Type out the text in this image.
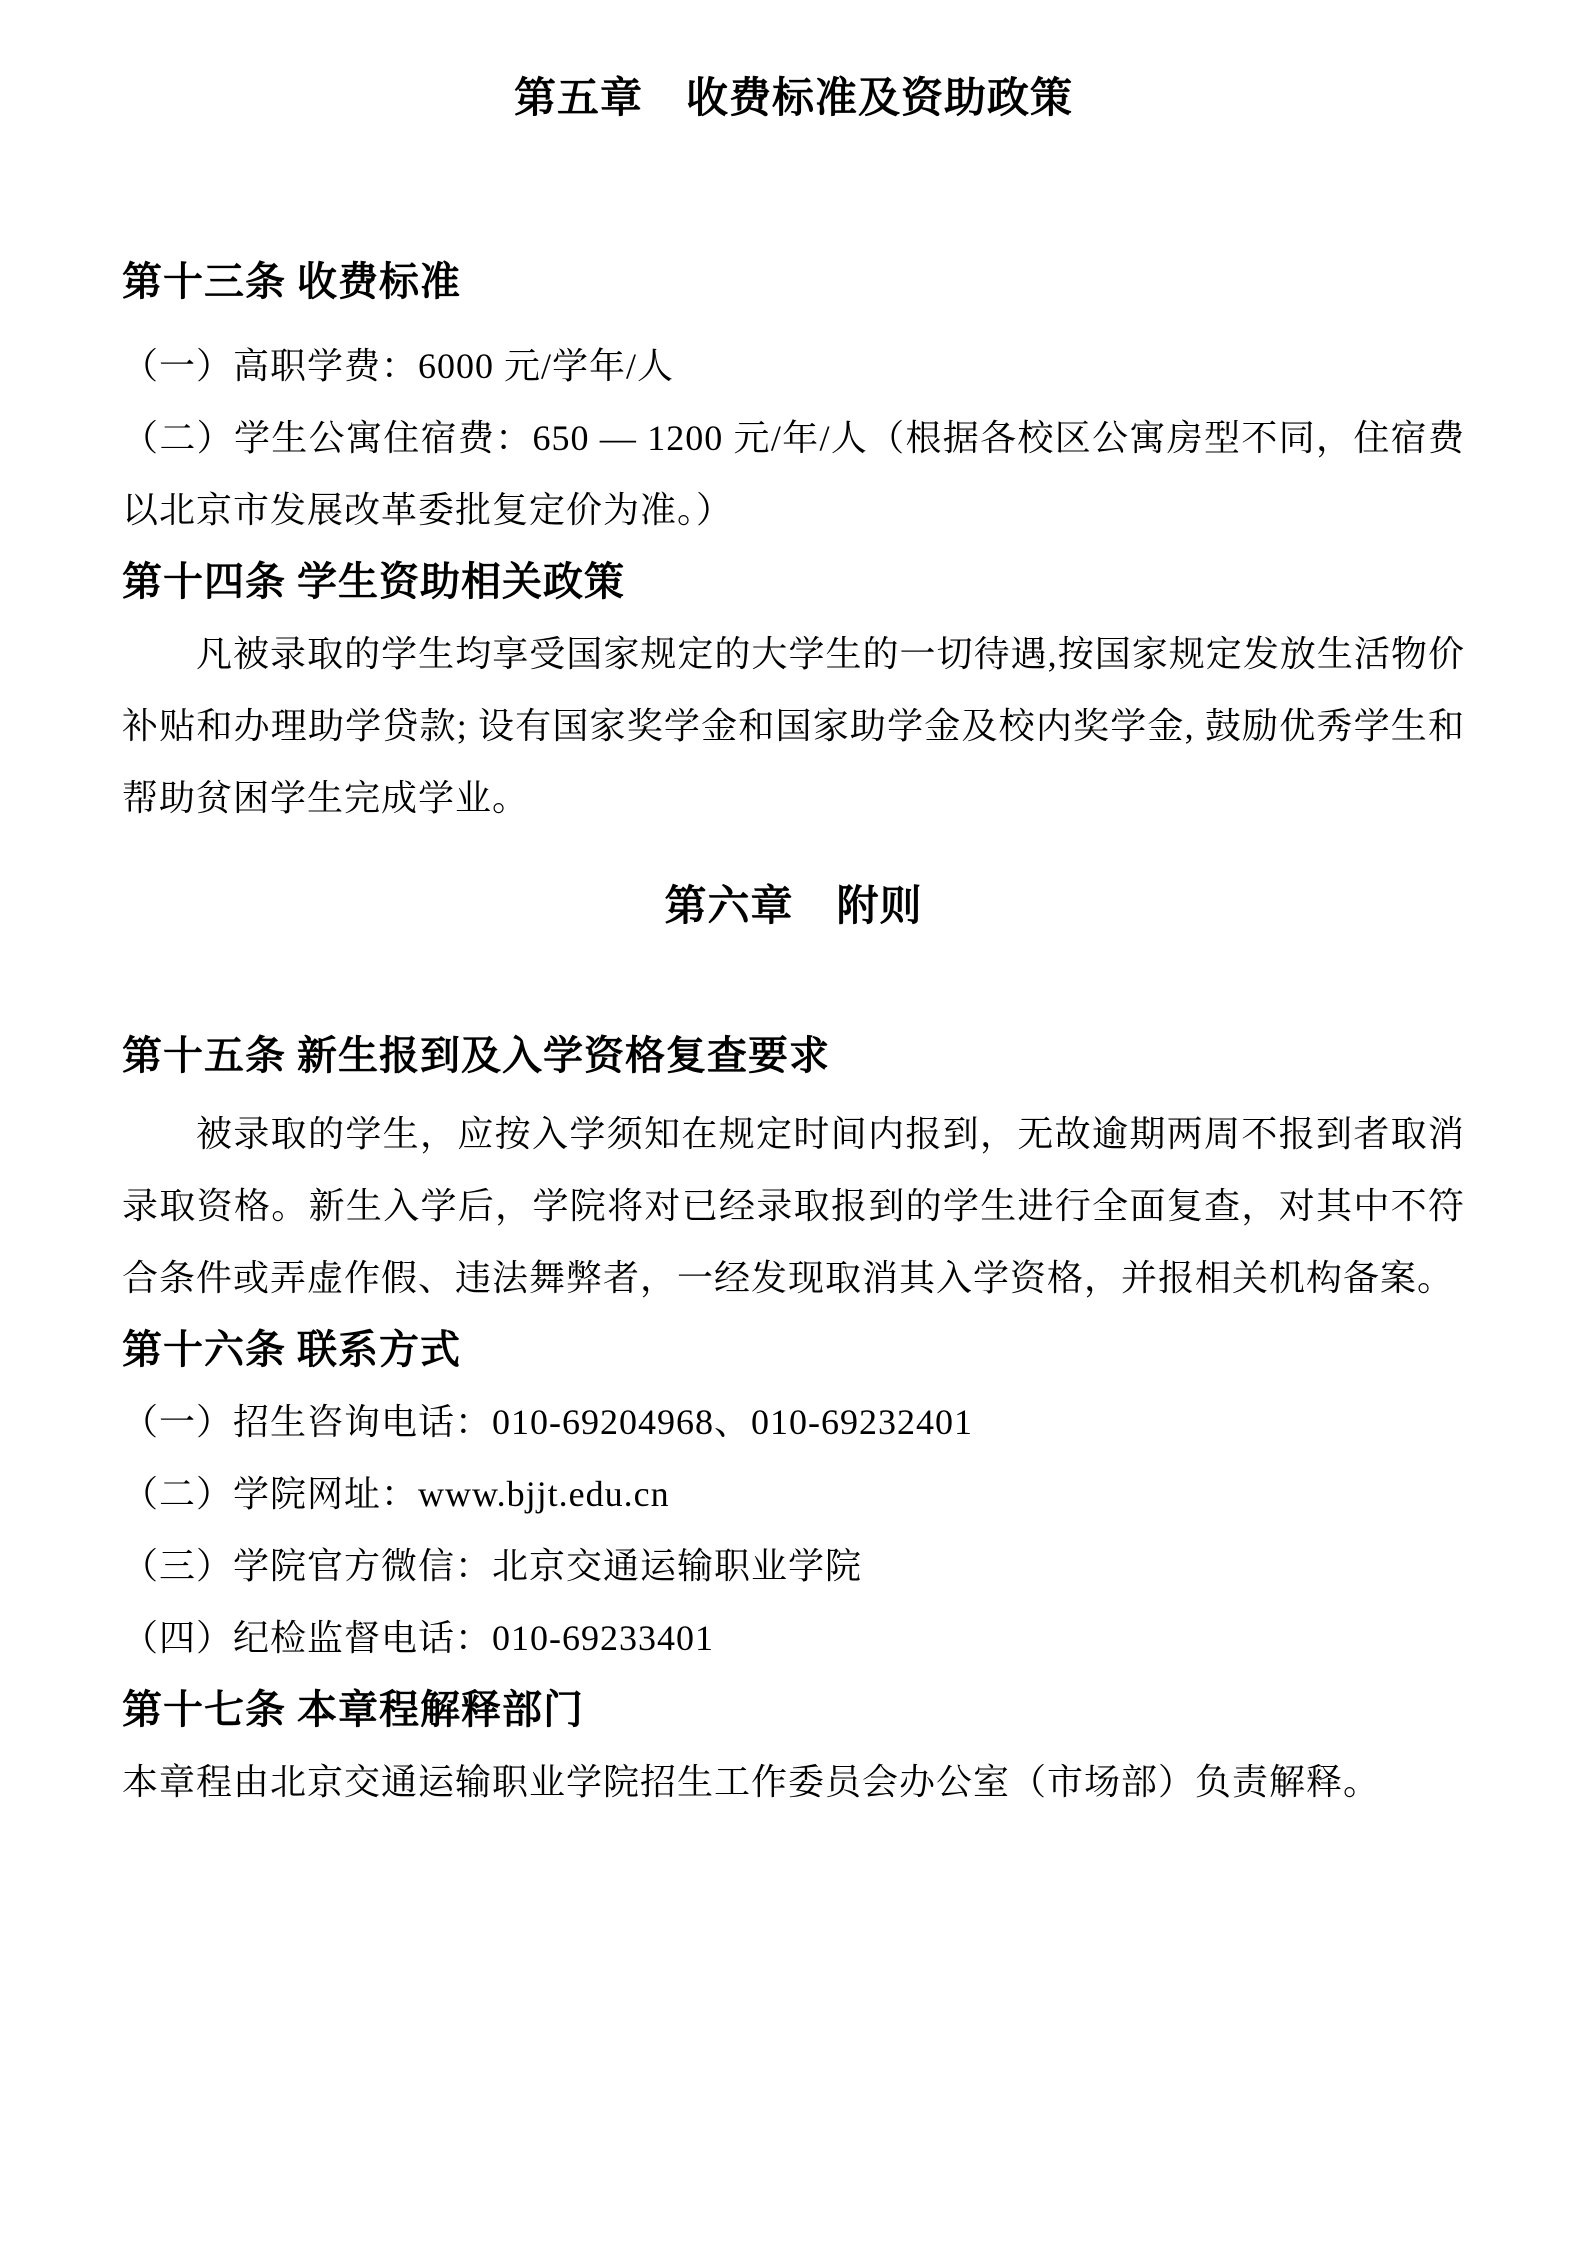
第五章　收费标准及资助政策
第十三条 收费标准

（一）高职学费：6000 元/学年/人

（二）学生公寓住宿费：650 — 1200 元/年/人（根据各校区公寓房型不同，住宿费以北京市发展改革委批复定价为准。）

第十四条 学生资助相关政策

凡被录取的学生均享受国家规定的大学生的一切待遇,按国家规定发放生活物价补贴和办理助学贷款; 设有国家奖学金和国家助学金及校内奖学金, 鼓励优秀学生和帮助贫困学生完成学业。

第六章　附则
第十五条 新生报到及入学资格复查要求

被录取的学生，应按入学须知在规定时间内报到，无故逾期两周不报到者取消录取资格。新生入学后，学院将对已经录取报到的学生进行全面复查，对其中不符合条件或弄虚作假、违法舞弊者，一经发现取消其入学资格，并报相关机构备案。

第十六条 联系方式

（一）招生咨询电话：010-69204968、010-69232401

（二）学院网址：www.bjjt.edu.cn

（三）学院官方微信：北京交通运输职业学院

（四）纪检监督电话：010-69233401

第十七条 本章程解释部门

本章程由北京交通运输职业学院招生工作委员会办公室（市场部）负责解释。
